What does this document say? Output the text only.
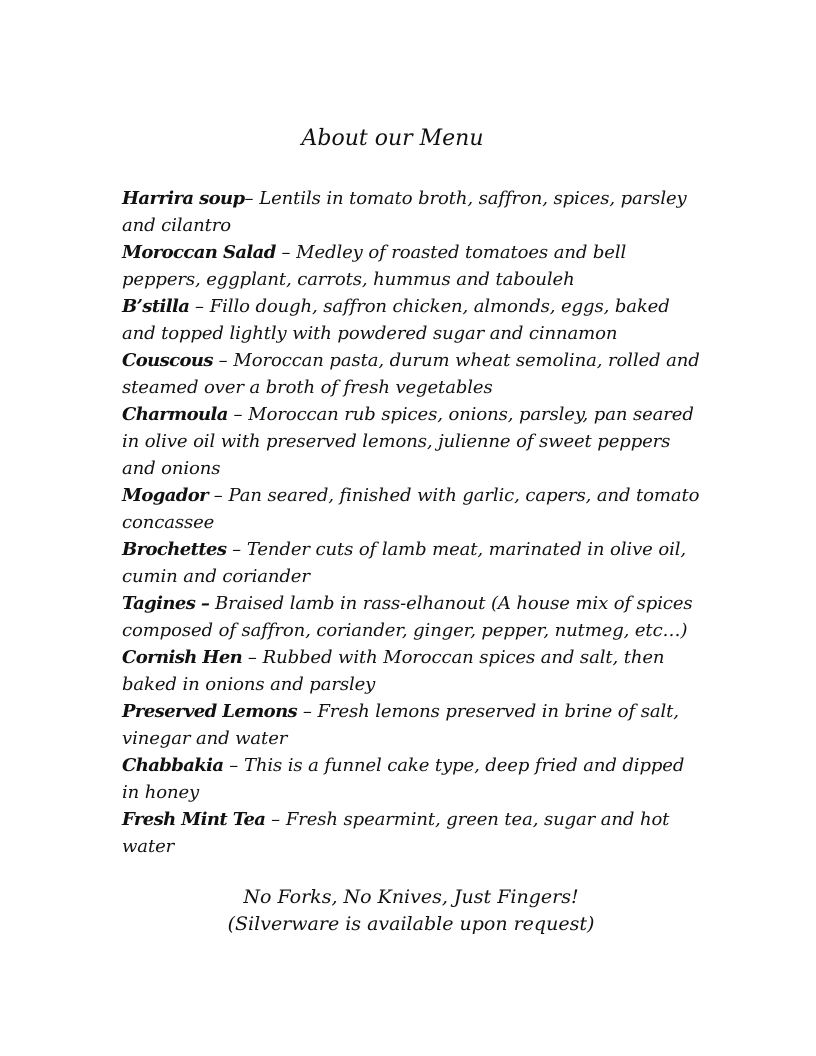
About our Menu
Harrira soup– Lentils in tomato broth, saffron, spices, parsley and cilantro
Moroccan Salad – Medley of roasted tomatoes and bell peppers, eggplant, carrots, hummus and tabouleh
B’stilla – Fillo dough, saffron chicken, almonds, eggs, baked and topped lightly with powdered sugar and cinnamon
Couscous – Moroccan pasta, durum wheat semolina, rolled and steamed over a broth of fresh vegetables
Charmoula – Moroccan rub spices, onions, parsley, pan seared in olive oil with preserved lemons, julienne of sweet peppers and onions
Mogador – Pan seared, finished with garlic, capers, and tomato concassee
Brochettes – Tender cuts of lamb meat, marinated in olive oil, cumin and coriander
Tagines – Braised lamb in rass-elhanout (A house mix of spices composed of saffron, coriander, ginger, pepper, nutmeg, etc…)
Cornish Hen – Rubbed with Moroccan spices and salt, then baked in onions and parsley
Preserved Lemons – Fresh lemons preserved in brine of salt, vinegar and water
Chabbakia – This is a funnel cake type, deep fried and dipped in honey
Fresh Mint Tea – Fresh spearmint, green tea, sugar and hot water
No Forks, No Knives, Just Fingers!
(Silverware is available upon request)
